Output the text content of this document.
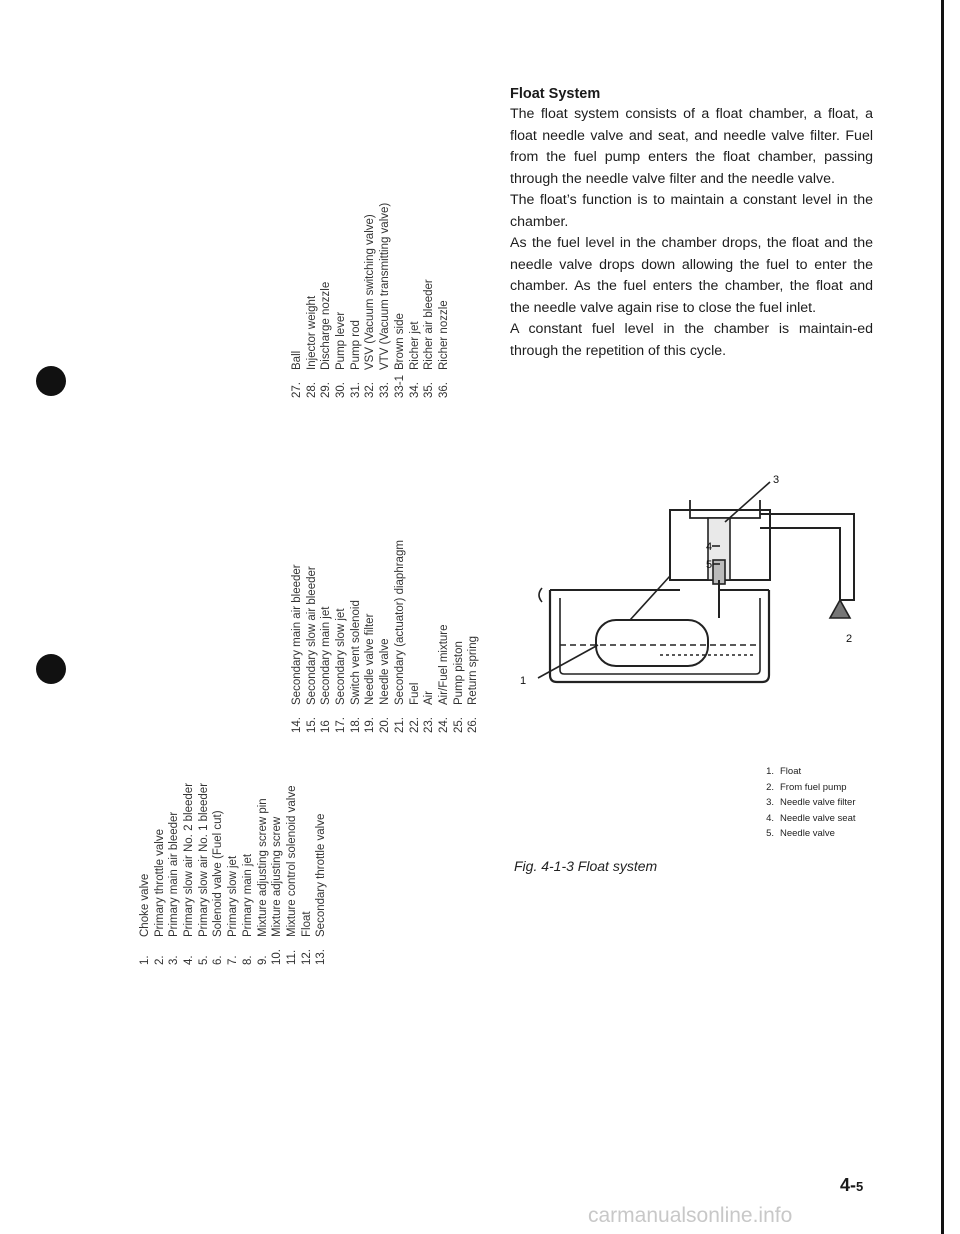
1.Choke valve
2.Primary throttle valve
3.Primary main air bleeder
4.Primary slow air No. 2 bleeder
5.Primary slow air No. 1 bleeder
6.Solenoid valve (Fuel cut)
7.Primary slow jet
8.Primary main jet
9.Mixture adjusting screw pin
10.Mixture adjusting screw
11.Mixture control solenoid valve
12.Float
13.Secondary throttle valve
14.Secondary main air bleeder
15.Secondary slow air bleeder
16Secondary main jet
17.Secondary slow jet
18.Switch vent solenoid
19.Needle valve filter
20.Needle valve
21.Secondary (actuator) diaphragm
22.Fuel
23.Air
24.Air/Fuel mixture
25.Pump piston
26.Return spring
27.Ball
28.Injector weight
29.Discharge nozzle
30.Pump lever
31.Pump rod
32.VSV (Vacuum switching valve)
33.VTV (Vacuum transmitting valve)
33-1Brown side
34.Richer jet
35.Richer air bleeder
36.Richer nozzle
Float System

The float system consists of a float chamber, a float, a float needle valve and seat, and needle valve filter. Fuel from the fuel pump enters the float chamber, passing through the needle valve filter and the needle valve.

The float’s function is to maintain a constant level in the chamber.

As the fuel level in the chamber drops, the float and the needle valve drops down allowing the fuel to enter the chamber. As the fuel enters the chamber, the float and the needle valve again rise to close the fuel inlet.

A constant fuel level in the chamber is maintain-ed through the repetition of this cycle.

3
4
5
2
1
1. Float
2. From fuel pump
3. Needle valve filter
4. Needle valve seat
5. Needle valve
Fig. 4-1-3 Float system
4-5
carmanualsonline.info
